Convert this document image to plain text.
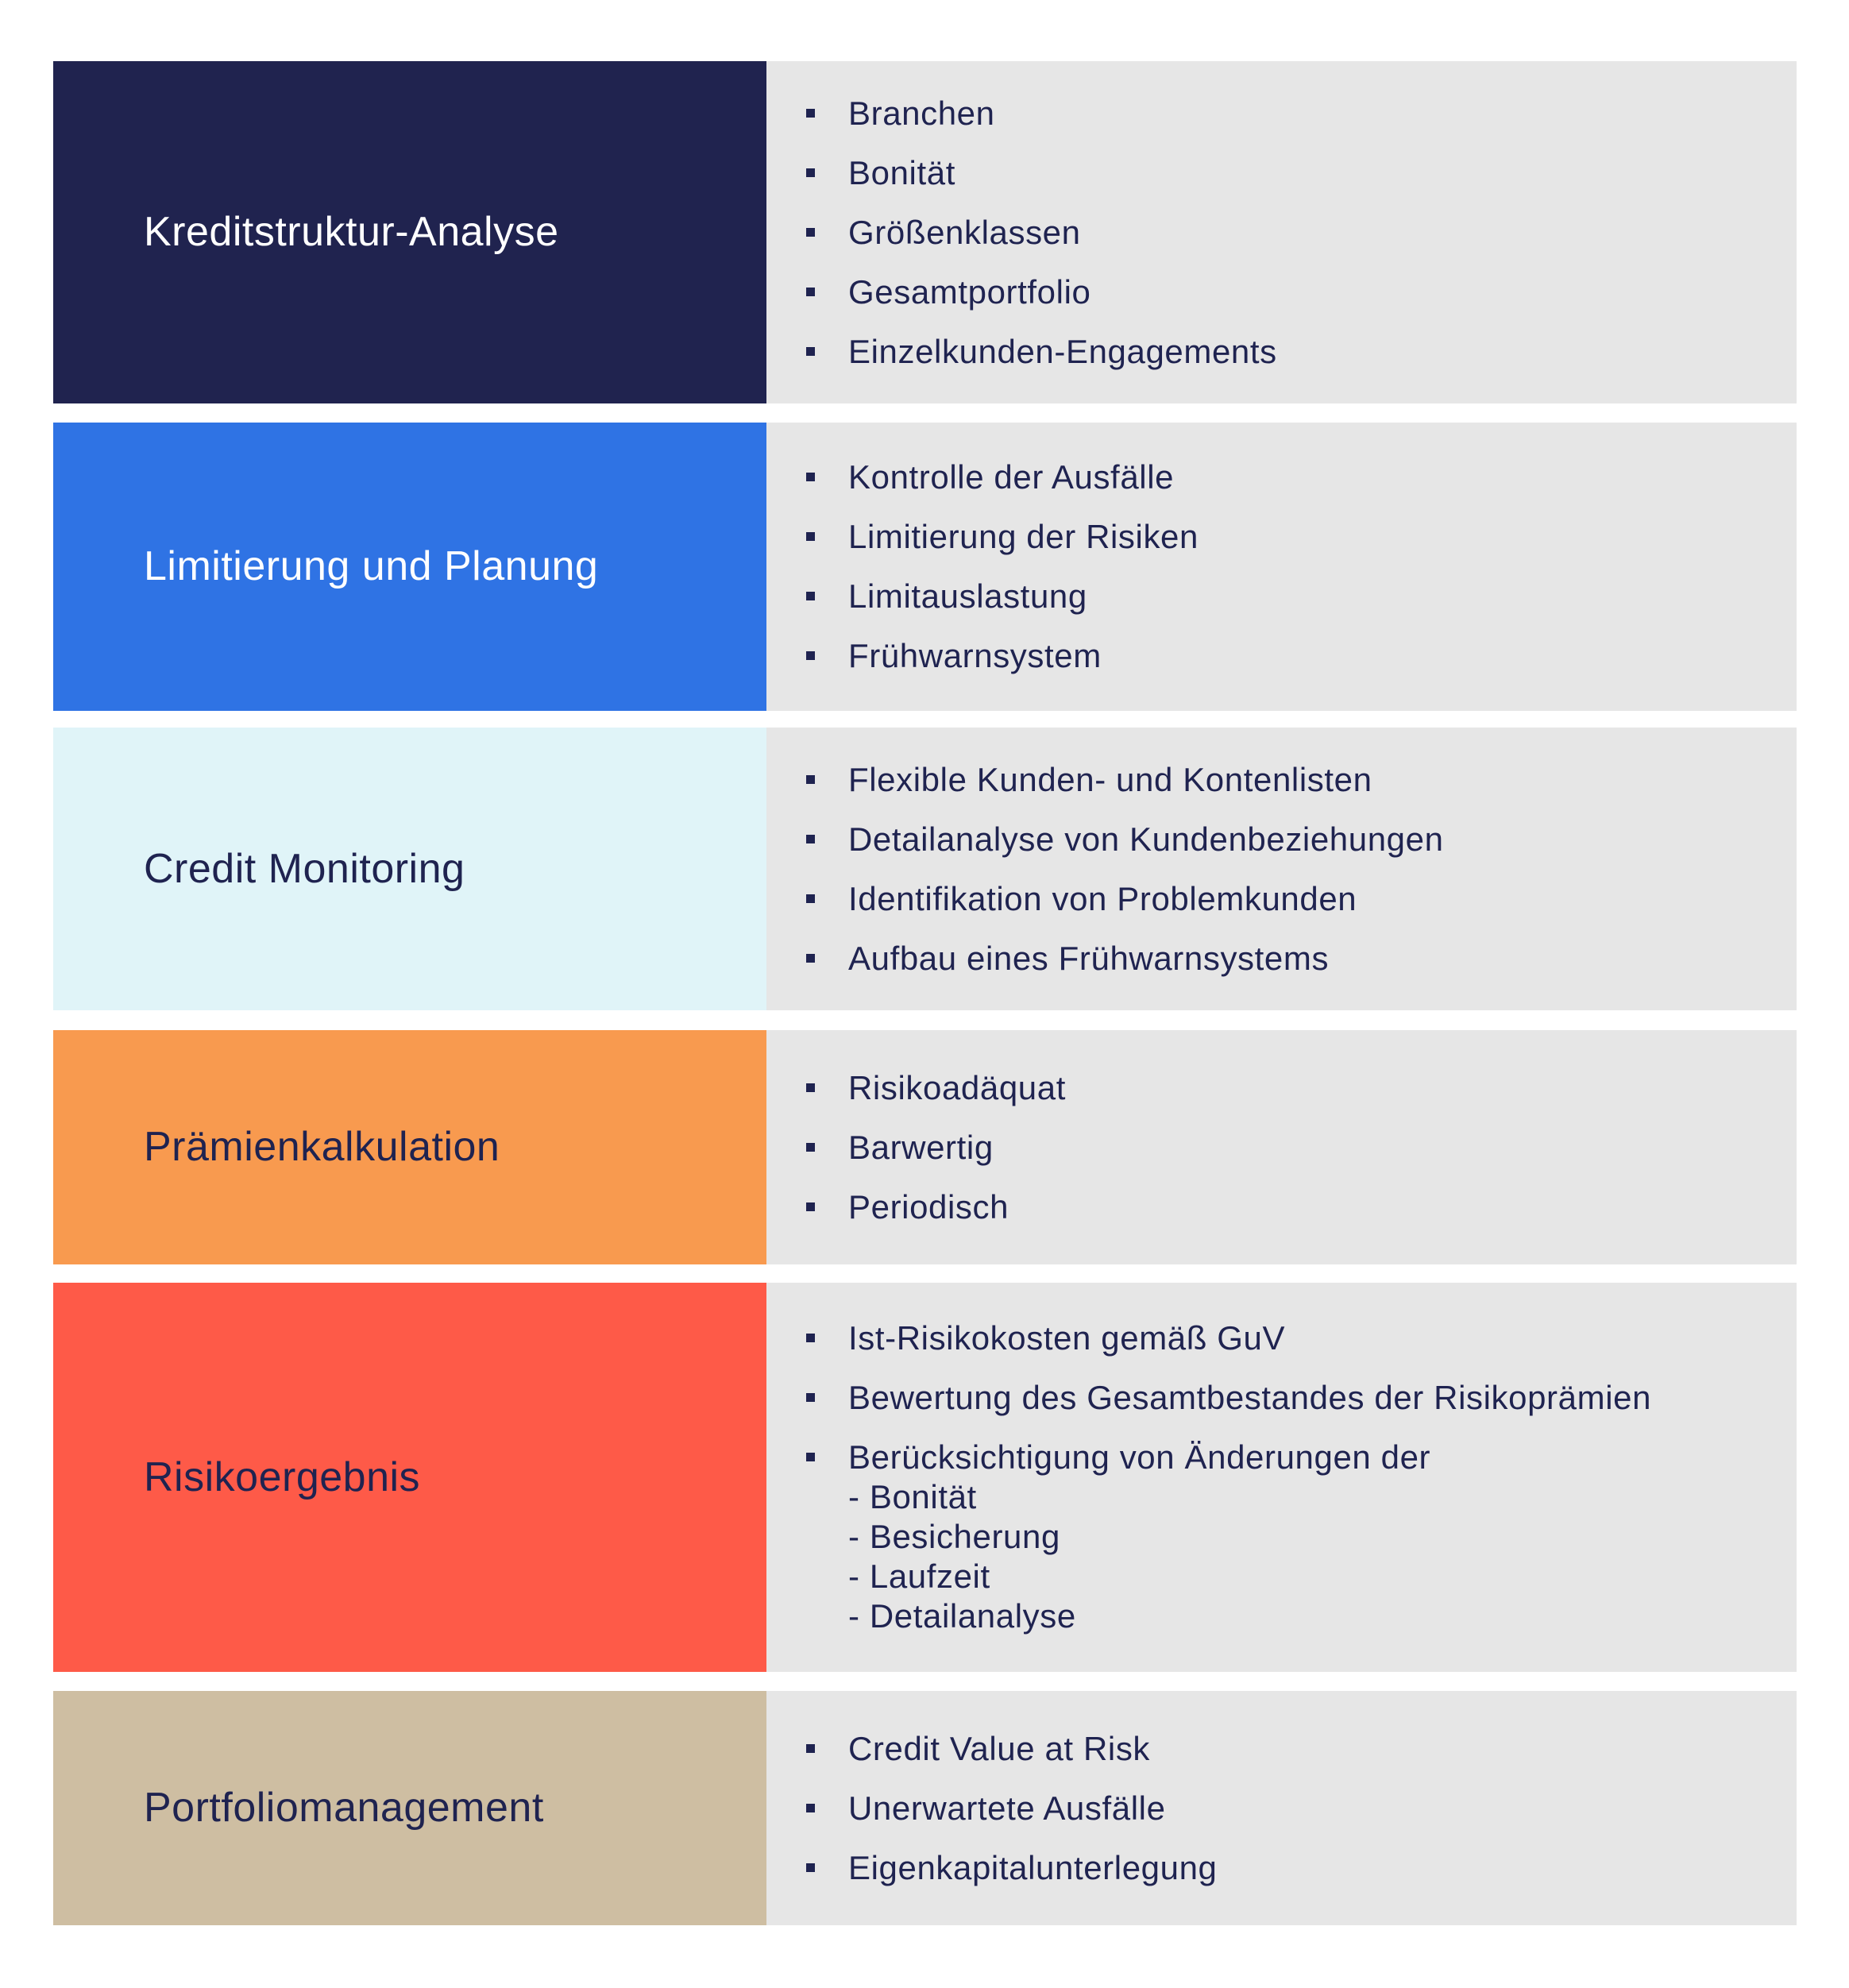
Kreditstruktur-Analyse
Branchen
Bonität
Größenklassen
Gesamtportfolio
Einzelkunden-Engagements
Limitierung und Planung
Kontrolle der Ausfälle
Limitierung der Risiken
Limitauslastung
Frühwarnsystem
Credit Monitoring
Flexible Kunden- und Kontenlisten
Detailanalyse von Kundenbeziehungen
Identifikation von Problemkunden
Aufbau eines Frühwarnsystems
Prämienkalkulation
Risikoadäquat
Barwertig
Periodisch
Risikoergebnis
Ist-Risikokosten gemäß GuV
Bewertung des Gesamtbestandes der Risikoprämien
Berücksichtigung von Änderungen der
- Bonität
- Besicherung
- Laufzeit
- Detailanalyse
Portfoliomanagement
Credit Value at Risk
Unerwartete Ausfälle
Eigenkapitalunterlegung
